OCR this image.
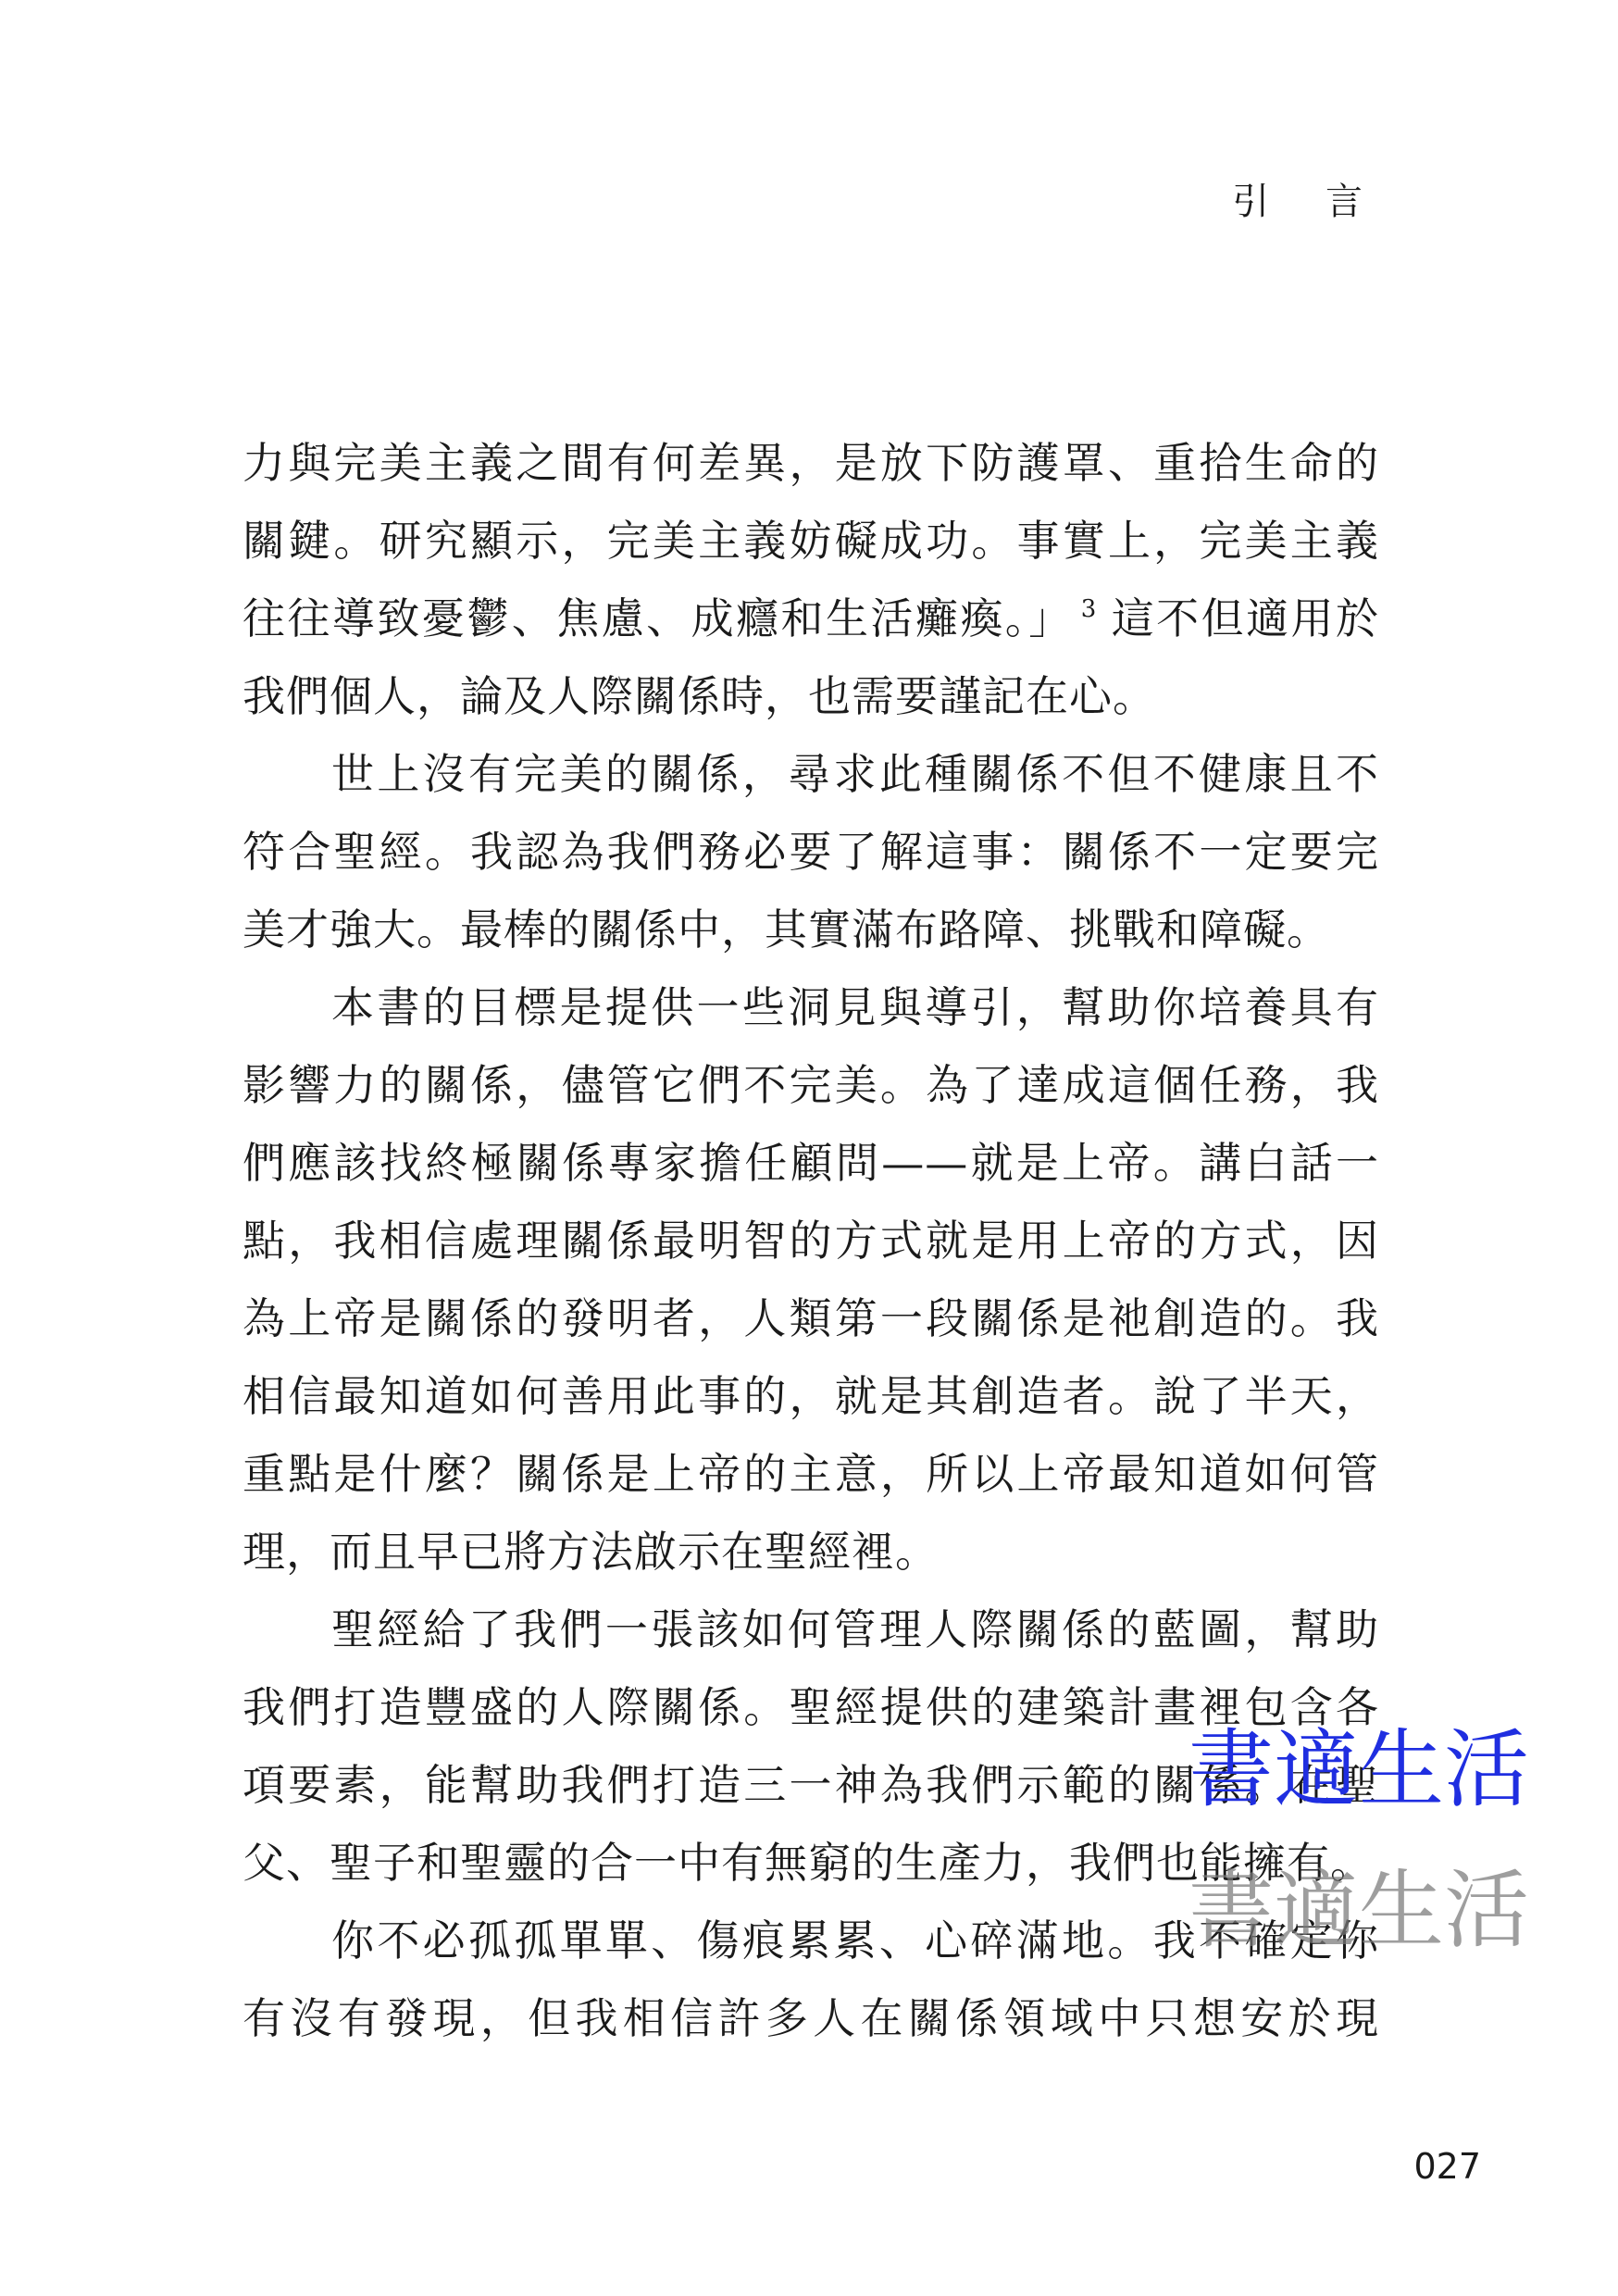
引 言
力與完美主義之間有何差異，是放下防護罩、重拾生命的
關鍵。研究顯示，完美主義妨礙成功。事實上，完美主義
往往導致憂鬱、焦慮、成癮和生活癱瘓。」 $^3$ 這不但適用於
我們個人，論及人際關係時，也需要謹記在心。
世上沒有完美的關係，尋求此種關係不但不健康且不
符合聖經。我認為我們務必要了解這事：關係不一定要完
美才強大。最棒的關係中，其實滿布路障、挑戰和障礙。
本書的目標是提供一些洞見與導引，幫助你培養具有
影響力的關係，儘管它們不完美。為了達成這個任務，我
們應該找終極關係專家擔任顧問——就是上帝。講白話一
點，我相信處理關係最明智的方式就是用上帝的方式，因
為上帝是關係的發明者，人類第一段關係是祂創造的。我
相信最知道如何善用此事的，就是其創造者。說了半天，
重點是什麼？關係是上帝的主意，所以上帝最知道如何管
理，而且早已將方法啟示在聖經裡。
聖經給了我們一張該如何管理人際關係的藍圖，幫助
我們打造豐盛的人際關係。聖經提供的建築計畫裡包含各
項要素，能幫助我們打造三一神為我們示範的關係。在聖
父、聖子和聖靈的合一中有無窮的生產力，我們也能擁有。
你不必孤孤單單、傷痕累累、心碎滿地。我不確定你
有沒有發現，但我相信許多人在關係領域中只想安於現
書適生活
書適生活
027
